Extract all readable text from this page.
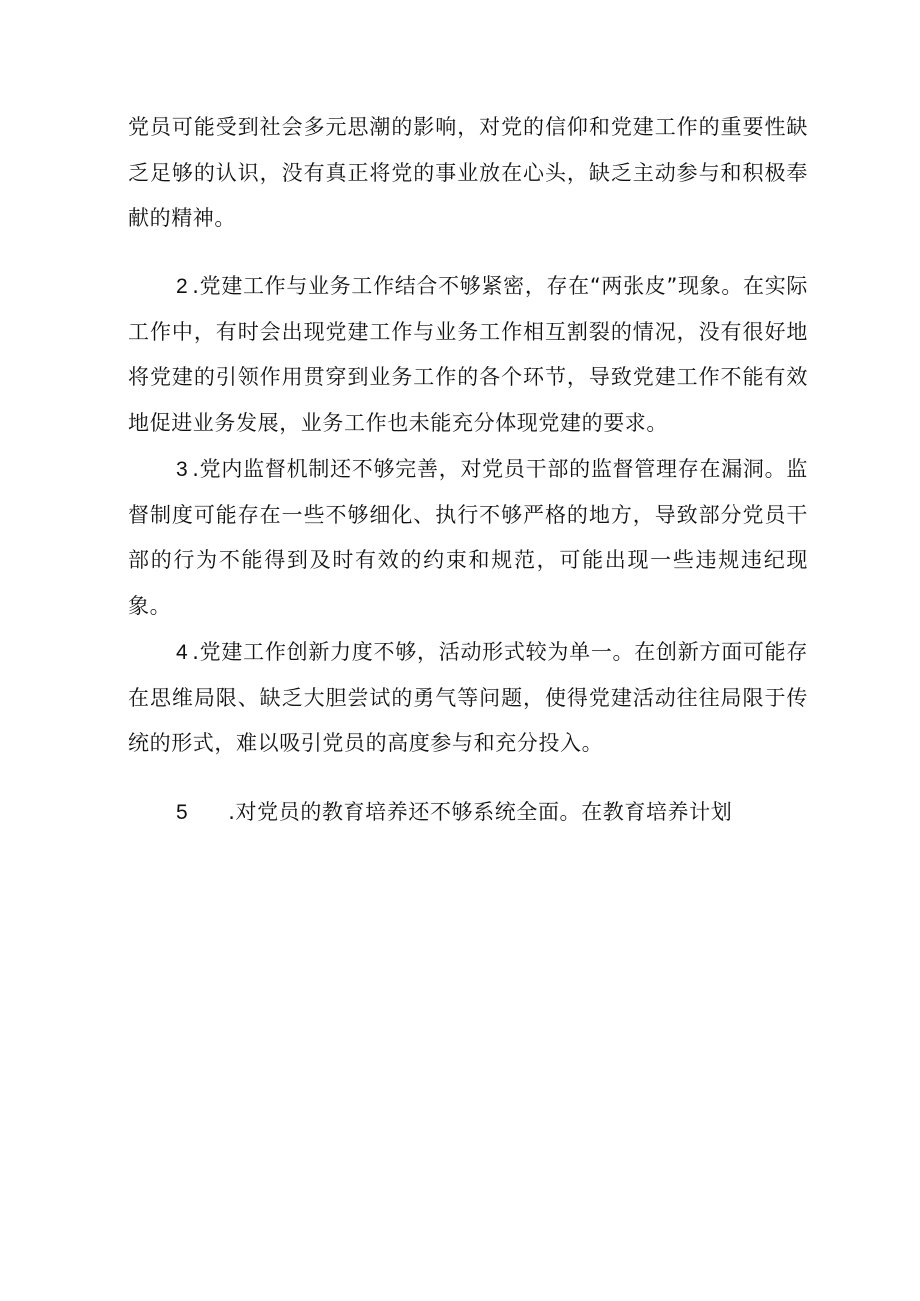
党员可能受到社会多元思潮的影响，对党的信仰和党建工作的重要性缺乏足够的认识，没有真正将党的事业放在心头，缺乏主动参与和积极奉献的精神。
2 .党建工作与业务工作结合不够紧密，存在“两张皮”现象。在实际工作中，有时会出现党建工作与业务工作相互割裂的情况，没有很好地将党建的引领作用贯穿到业务工作的各个环节，导致党建工作不能有效地促进业务发展，业务工作也未能充分体现党建的要求。
3 .党内监督机制还不够完善，对党员干部的监督管理存在漏洞。监督制度可能存在一些不够细化、执行不够严格的地方，导致部分党员干部的行为不能得到及时有效的约束和规范，可能出现一些违规违纪现象。
4 .党建工作创新力度不够，活动形式较为单一。在创新方面可能存在思维局限、缺乏大胆尝试的勇气等问题，使得党建活动往往局限于传统的形式，难以吸引党员的高度参与和充分投入。
5 .对党员的教育培养还不够系统全面。在教育培养计划
